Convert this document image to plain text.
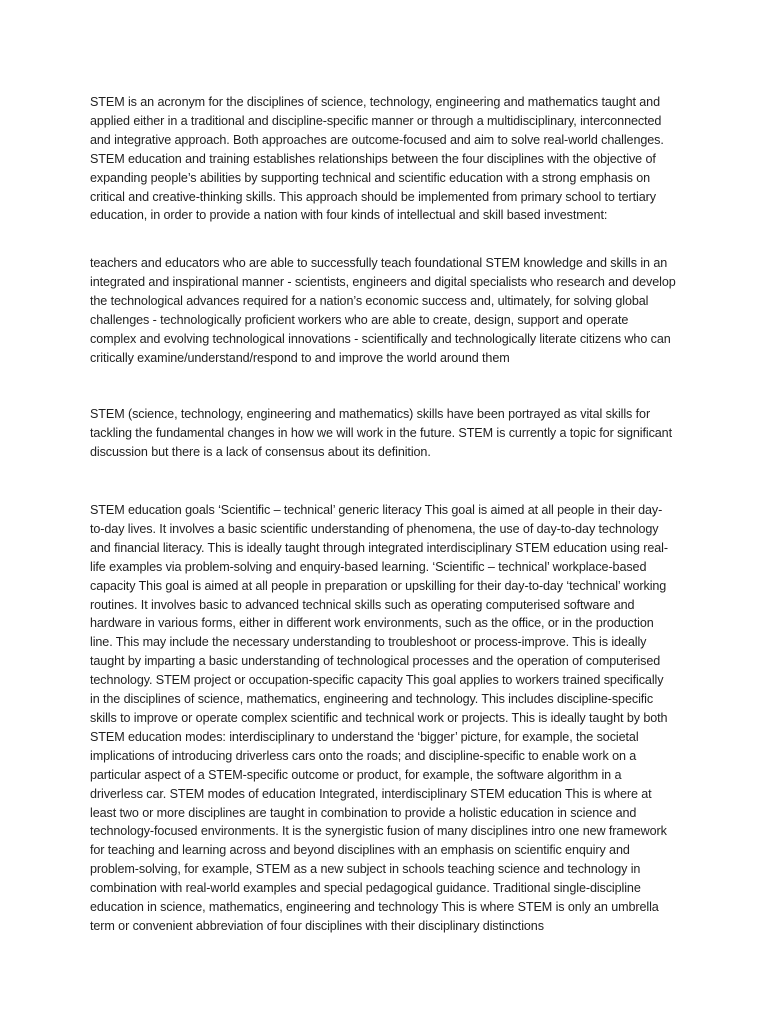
STEM is an acronym for the disciplines of science, technology, engineering and mathematics taught and applied either in a traditional and discipline-specific manner or through a multidisciplinary, interconnected and integrative approach. Both approaches are outcome-focused and aim to solve real-world challenges. STEM education and training establishes relationships between the four disciplines with the objective of expanding people’s abilities by supporting technical and scientific education with a strong emphasis on critical and creative-thinking skills. This approach should be implemented from primary school to tertiary education, in order to provide a nation with four kinds of intellectual and skill based investment:

teachers and educators who are able to successfully teach foundational STEM knowledge and skills in an integrated and inspirational manner - scientists, engineers and digital specialists who research and develop the technological advances required for a nation’s economic success and, ultimately, for solving global challenges - technologically proficient workers who are able to create, design, support and operate complex and evolving technological innovations - scientifically and technologically literate citizens who can critically examine/understand/respond to and improve the world around them

STEM (science, technology, engineering and mathematics) skills have been portrayed as vital skills for tackling the fundamental changes in how we will work in the future. STEM is currently a topic for significant discussion but there is a lack of consensus about its definition.

STEM education goals ‘Scientific – technical’ generic literacy This goal is aimed at all people in their day-to-day lives. It involves a basic scientific understanding of phenomena, the use of day-to-day technology and financial literacy. This is ideally taught through integrated interdisciplinary STEM education using real-life examples via problem-solving and enquiry-based learning. ‘Scientific – technical’ workplace-based capacity This goal is aimed at all people in preparation or upskilling for their day-to-day ‘technical’ working routines. It involves basic to advanced technical skills such as operating computerised software and hardware in various forms, either in different work environments, such as the office, or in the production line. This may include the necessary understanding to troubleshoot or process-improve. This is ideally taught by imparting a basic understanding of technological processes and the operation of computerised technology. STEM project or occupation-specific capacity This goal applies to workers trained specifically in the disciplines of science, mathematics, engineering and technology. This includes discipline-specific skills to improve or operate complex scientific and technical work or projects. This is ideally taught by both STEM education modes: interdisciplinary to understand the ‘bigger’ picture, for example, the societal implications of introducing driverless cars onto the roads; and discipline-specific to enable work on a particular aspect of a STEM-specific outcome or product, for example, the software algorithm in a driverless car. STEM modes of education Integrated, interdisciplinary STEM education This is where at least two or more disciplines are taught in combination to provide a holistic education in science and technology-focused environments. It is the synergistic fusion of many disciplines intro one new framework for teaching and learning across and beyond disciplines with an emphasis on scientific enquiry and problem-solving, for example, STEM as a new subject in schools teaching science and technology in combination with real-world examples and special pedagogical guidance. Traditional single-discipline education in science, mathematics, engineering and technology This is where STEM is only an umbrella term or convenient abbreviation of four disciplines with their disciplinary distinctions
